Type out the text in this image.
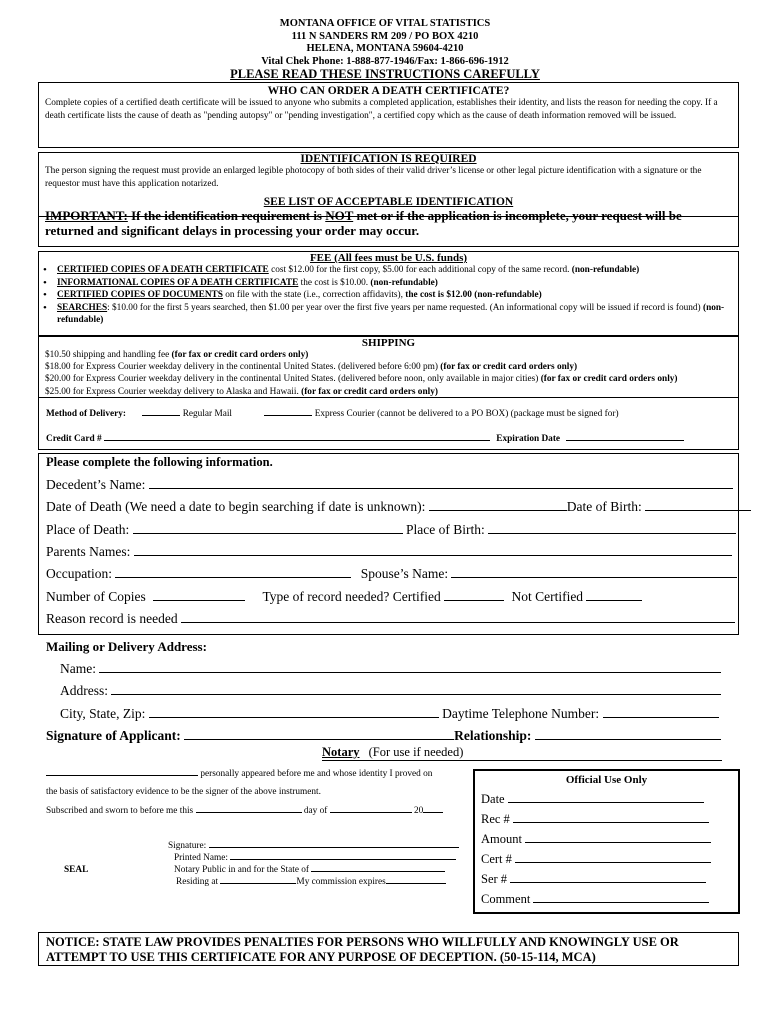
MONTANA OFFICE OF VITAL STATISTICS
111 N SANDERS RM 209 / PO BOX 4210
HELENA, MONTANA 59604-4210
Vital Chek Phone: 1-888-877-1946/Fax: 1-866-696-1912
PLEASE READ THESE INSTRUCTIONS CAREFULLY
WHO CAN ORDER A DEATH CERTIFICATE?
Complete copies of a certified death certificate will be issued to anyone who submits a completed application, establishes their identity, and lists the reason for needing the copy. If a death certificate lists the cause of death as "pending autopsy" or "pending investigation", a certified copy which as the cause of death information removed will be issued.
IDENTIFICATION IS REQUIRED
The person signing the request must provide an enlarged legible photocopy of both sides of their valid driver’s license or other legal picture identification with a signature or the requestor must have this application notarized.
SEE LIST OF ACCEPTABLE IDENTIFICATION
IMPORTANT: If the identification requirement is NOT met or if the application is incomplete, your request will be returned and significant delays in processing your order may occur.
FEE (All fees must be U.S. funds)
• CERTIFIED COPIES OF A DEATH CERTIFICATE cost $12.00 for the first copy, $5.00 for each additional copy of the same record. (non-refundable)
• INFORMATIONAL COPIES OF A DEATH CERTIFICATE the cost is $10.00. (non-refundable)
• CERTIFIED COPIES OF DOCUMENTS on file with the state (i.e., correction affidavits), the cost is $12.00 (non-refundable)
• SEARCHES: $10.00 for the first 5 years searched, then $1.00 per year over the first five years per name requested. (An informational copy will be issued if record is found) (non-refundable)
SHIPPING
$10.50 shipping and handling fee (for fax or credit card orders only)
$18.00 for Express Courier weekday delivery in the continental United States. (delivered before 6:00 pm) (for fax or credit card orders only)
$20.00 for Express Courier weekday delivery in the continental United States. (delivered before noon, only available in major cities) (for fax or credit card orders only)
$25.00 for Express Courier weekday delivery to Alaska and Hawaii. (for fax or credit card orders only)
Method of Delivery:	Regular Mail	Express Courier (cannot be delivered to a PO BOX) (package must be signed for)
Credit Card #	Expiration Date
Please complete the following information.
Decedent’s Name:
Date of Death (We need a date to begin searching if date is unknown):	Date of Birth:
Place of Death:	Place of Birth:
Parents Names:
Occupation:	Spouse’s Name:
Number of Copies	Type of record needed? Certified	Not Certified
Reason record is needed
Mailing or Delivery Address:
Name:
Address:
City, State, Zip:	Daytime Telephone Number:
Signature of Applicant:	Relationship:
Notary (For use if needed)
personally appeared before me and whose identity I proved on
the basis of satisfactory evidence to be the signer of the above instrument.
Subscribed and sworn to before me this	day of	20
Signature:
Printed Name:
Notary Public in and for the State of
Residing at	My commission expires
SEAL
Official Use Only
Date
Rec #
Amount
Cert #
Ser #
Comment
NOTICE: STATE LAW PROVIDES PENALTIES FOR PERSONS WHO WILLFULLY AND KNOWINGLY USE OR ATTEMPT TO USE THIS CERTIFICATE FOR ANY PURPOSE OF DECEPTION. (50-15-114, MCA)
